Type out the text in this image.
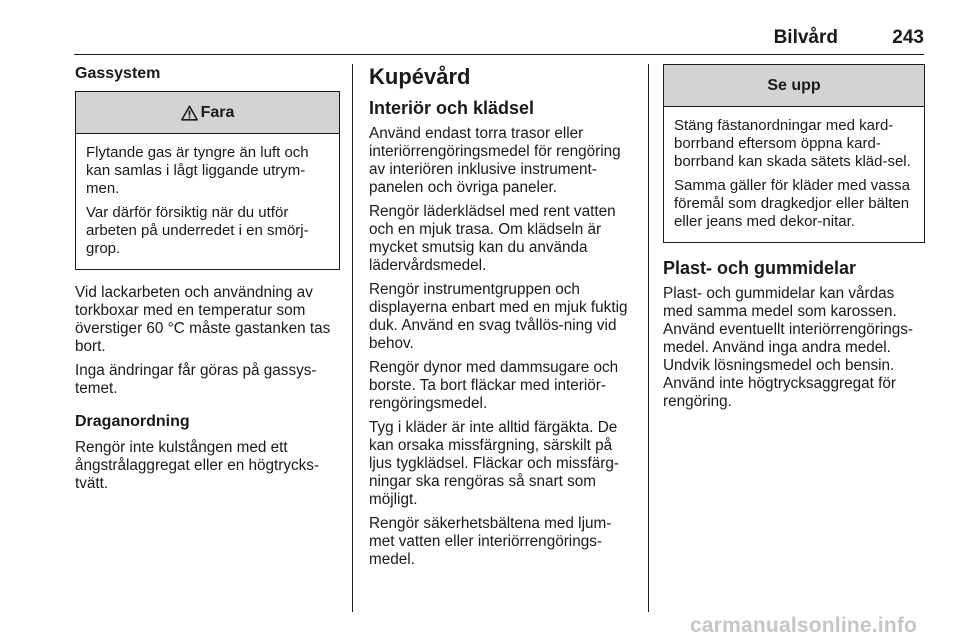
Bilvård	243
Gassystem
Fara

Flytande gas är tyngre än luft och kan samlas i lågt liggande utrym-men.

Var därför försiktig när du utför arbeten på underredet i en smörj-grop.

Vid lackarbeten och användning av torkboxar med en temperatur som överstiger 60 °C måste gastanken tas bort.

Inga ändringar får göras på gassys-temet.

Draganordning

Rengör inte kulstången med ett ångstrålaggregat eller en högtrycks-tvätt.

Kupévård
Interiör och klädsel

Använd endast torra trasor eller interiörrengöringsmedel för rengöring av interiören inklusive instrument-panelen och övriga paneler.

Rengör läderklädsel med rent vatten och en mjuk trasa. Om klädseln är mycket smutsig kan du använda lädervårdsmedel.

Rengör instrumentgruppen och displayerna enbart med en mjuk fuktig duk. Använd en svag tvållös-ning vid behov.

Rengör dynor med dammsugare och borste. Ta bort fläckar med interiör-rengöringsmedel.

Tyg i kläder är inte alltid färgäkta. De kan orsaka missfärgning, särskilt på ljus tygklädsel. Fläckar och missfärg-ningar ska rengöras så snart som möjligt.

Rengör säkerhetsbältena med ljum-met vatten eller interiörrengörings-medel.

Se upp

Stäng fästanordningar med kard-borrband eftersom öppna kard-borrband kan skada sätets kläd-sel.

Samma gäller för kläder med vassa föremål som dragkedjor eller bälten eller jeans med dekor-nitar.

Plast- och gummidelar

Plast- och gummidelar kan vårdas med samma medel som karossen. Använd eventuellt interiörrengörings-medel. Använd inga andra medel. Undvik lösningsmedel och bensin. Använd inte högtrycksaggregat för rengöring.

carmanualsonline.info
